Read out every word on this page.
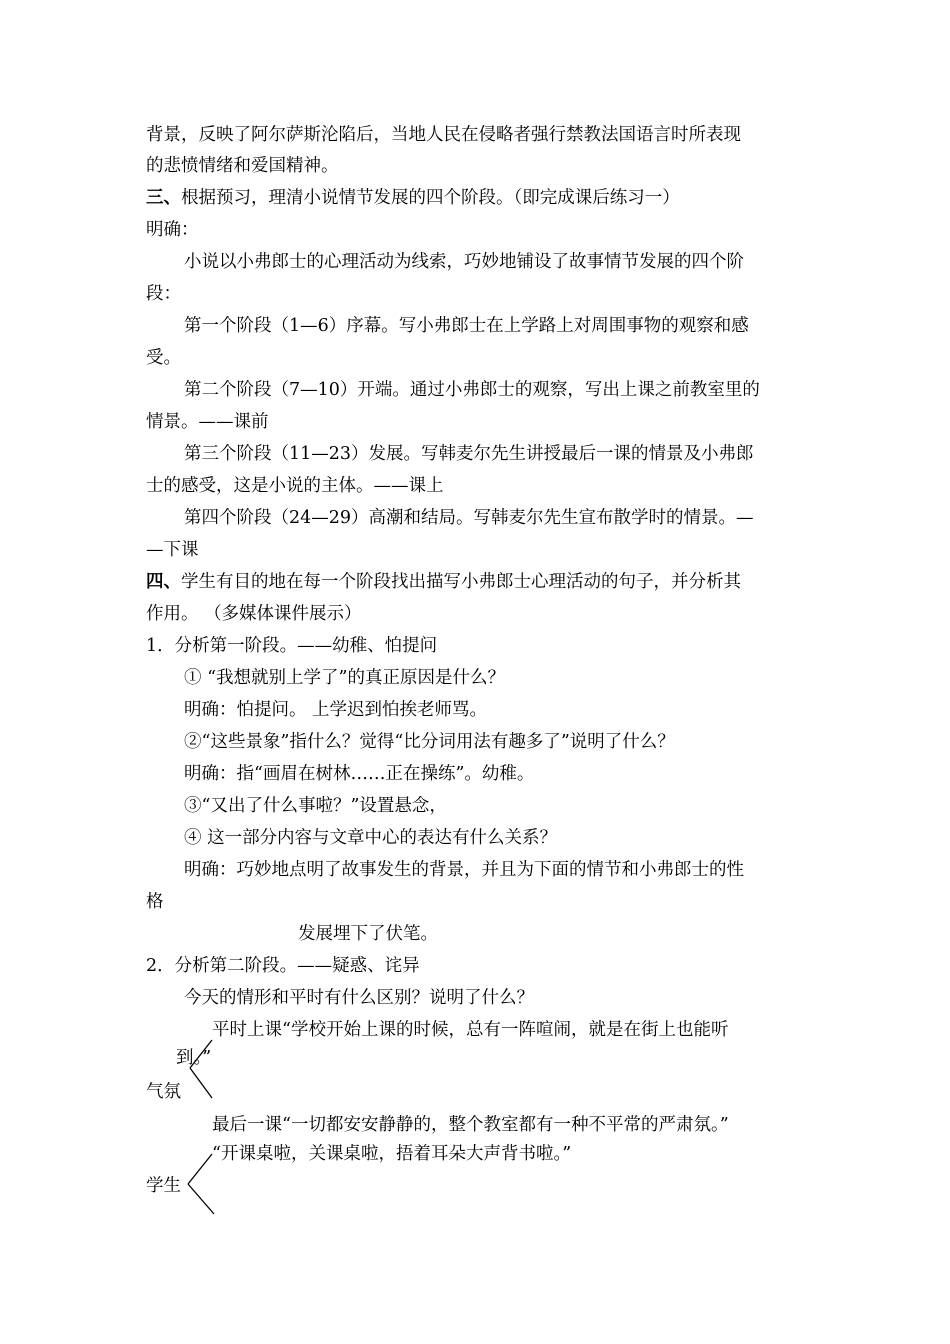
背景，反映了阿尔萨斯沦陷后，当地人民在侵略者强行禁教法国语言时所表现
的悲愤情绪和爱国精神。
三、根据预习，理清小说情节发展的四个阶段。（即完成课后练习一）
明确：
小说以小弗郎士的心理活动为线索，巧妙地铺设了故事情节发展的四个阶
段：
第一个阶段（1—6）序幕。写小弗郎士在上学路上对周围事物的观察和感
受。
第二个阶段（7—10）开端。通过小弗郎士的观察，写出上课之前教室里的
情景。——课前
第三个阶段（11—23）发展。写韩麦尔先生讲授最后一课的情景及小弗郎
士的感受，这是小说的主体。——课上
第四个阶段（24—29）高潮和结局。写韩麦尔先生宣布散学时的情景。—
—下课
四、学生有目的地在每一个阶段找出描写小弗郎士心理活动的句子，并分析其
作用。 （多媒体课件展示）
1．分析第一阶段。——幼稚、怕提问
① “我想就别上学了”的真正原因是什么？
明确：怕提问。 上学迟到怕挨老师骂。
②“这些景象”指什么？觉得“比分词用法有趣多了”说明了什么？
明确：指“画眉在树林……正在操练”。幼稚。
③“又出了什么事啦？”设置悬念，
④ 这一部分内容与文章中心的表达有什么关系？
明确：巧妙地点明了故事发生的背景，并且为下面的情节和小弗郎士的性
格
发展埋下了伏笔。
2．分析第二阶段。——疑惑、诧异
今天的情形和平时有什么区别？说明了什么？
平时上课“学校开始上课的时候，总有一阵喧闹，就是在街上也能听
到。”
气氛
最后一课“一切都安安静静的，整个教室都有一种不平常的严肃氛。”
“开课桌啦，关课桌啦，捂着耳朵大声背书啦。”
学生
